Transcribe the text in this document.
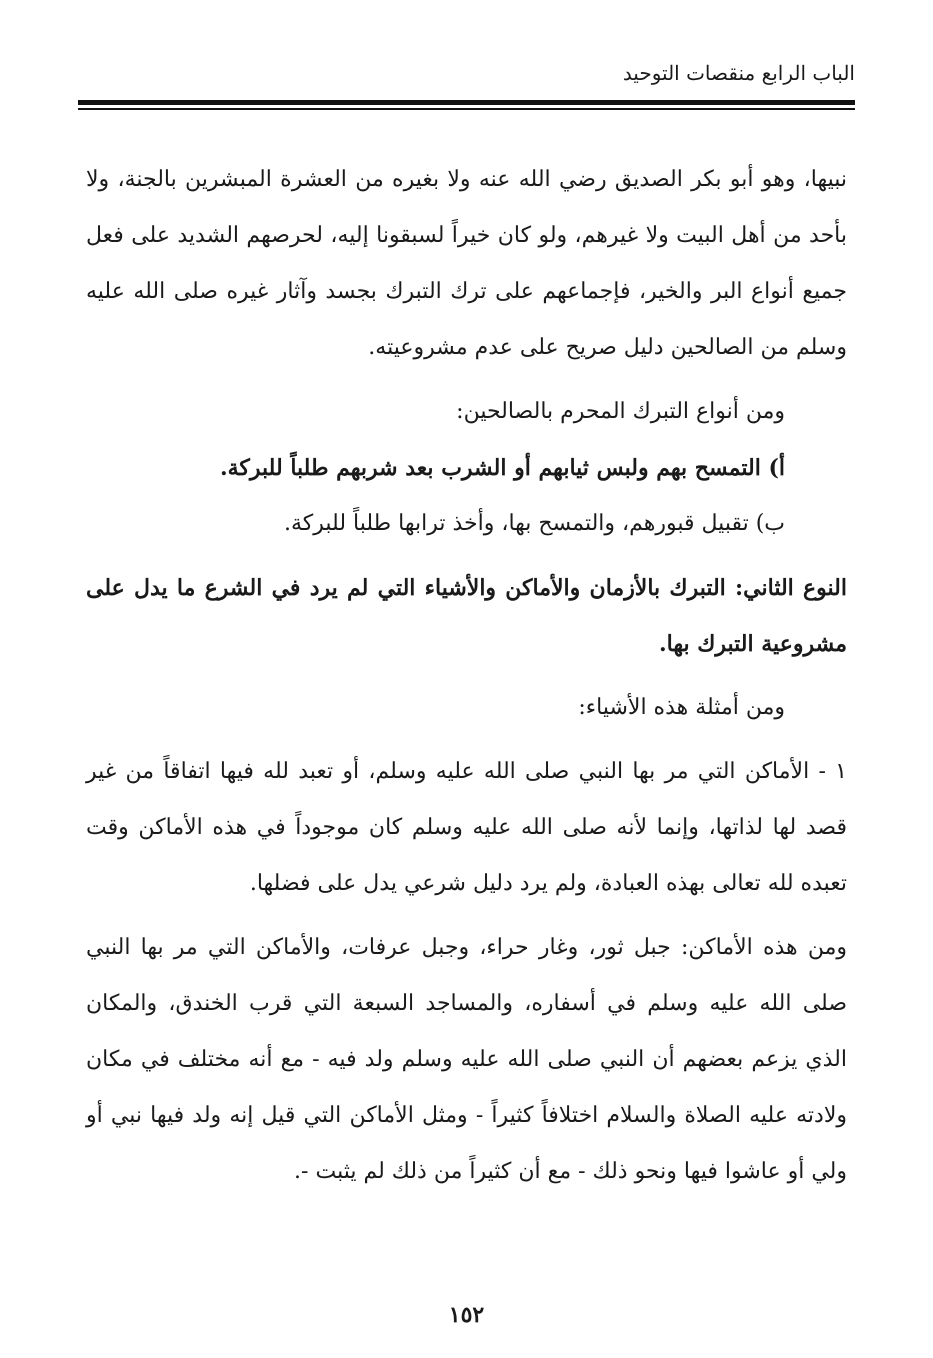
الباب الرابع منقصات التوحيد

نبيها، وهو أبو بكر الصديق رضي الله عنه ولا بغيره من العشرة المبشرين بالجنة، ولا بأحد من أهل البيت ولا غيرهم، ولو كان خيراً لسبقونا إليه، لحرصهم الشديد على فعل جميع أنواع البر والخير، فإجماعهم على ترك التبرك بجسد وآثار غيره صلى الله عليه وسلم من الصالحين دليل صريح على عدم مشروعيته.

ومن أنواع التبرك المحرم بالصالحين:

أ) التمسح بهم ولبس ثيابهم أو الشرب بعد شربهم طلباً للبركة.

ب) تقبيل قبورهم، والتمسح بها، وأخذ ترابها طلباً للبركة.

النوع الثاني: التبرك بالأزمان والأماكن والأشياء التي لم يرد في الشرع ما يدل على مشروعية التبرك بها.

ومن أمثلة هذه الأشياء:

١ - الأماكن التي مر بها النبي صلى الله عليه وسلم، أو تعبد لله فيها اتفاقاً من غير قصد لها لذاتها، وإنما لأنه صلى الله عليه وسلم كان موجوداً في هذه الأماكن وقت تعبده لله تعالى بهذه العبادة، ولم يرد دليل شرعي يدل على فضلها.

ومن هذه الأماكن: جبل ثور، وغار حراء، وجبل عرفات، والأماكن التي مر بها النبي صلى الله عليه وسلم في أسفاره، والمساجد السبعة التي قرب الخندق، والمكان الذي يزعم بعضهم أن النبي صلى الله عليه وسلم ولد فيه - مع أنه مختلف في مكان ولادته عليه الصلاة والسلام اختلافاً كثيراً - ومثل الأماكن التي قيل إنه ولد فيها نبي أو ولي أو عاشوا فيها ونحو ذلك - مع أن كثيراً من ذلك لم يثبت -.

١٥٢
